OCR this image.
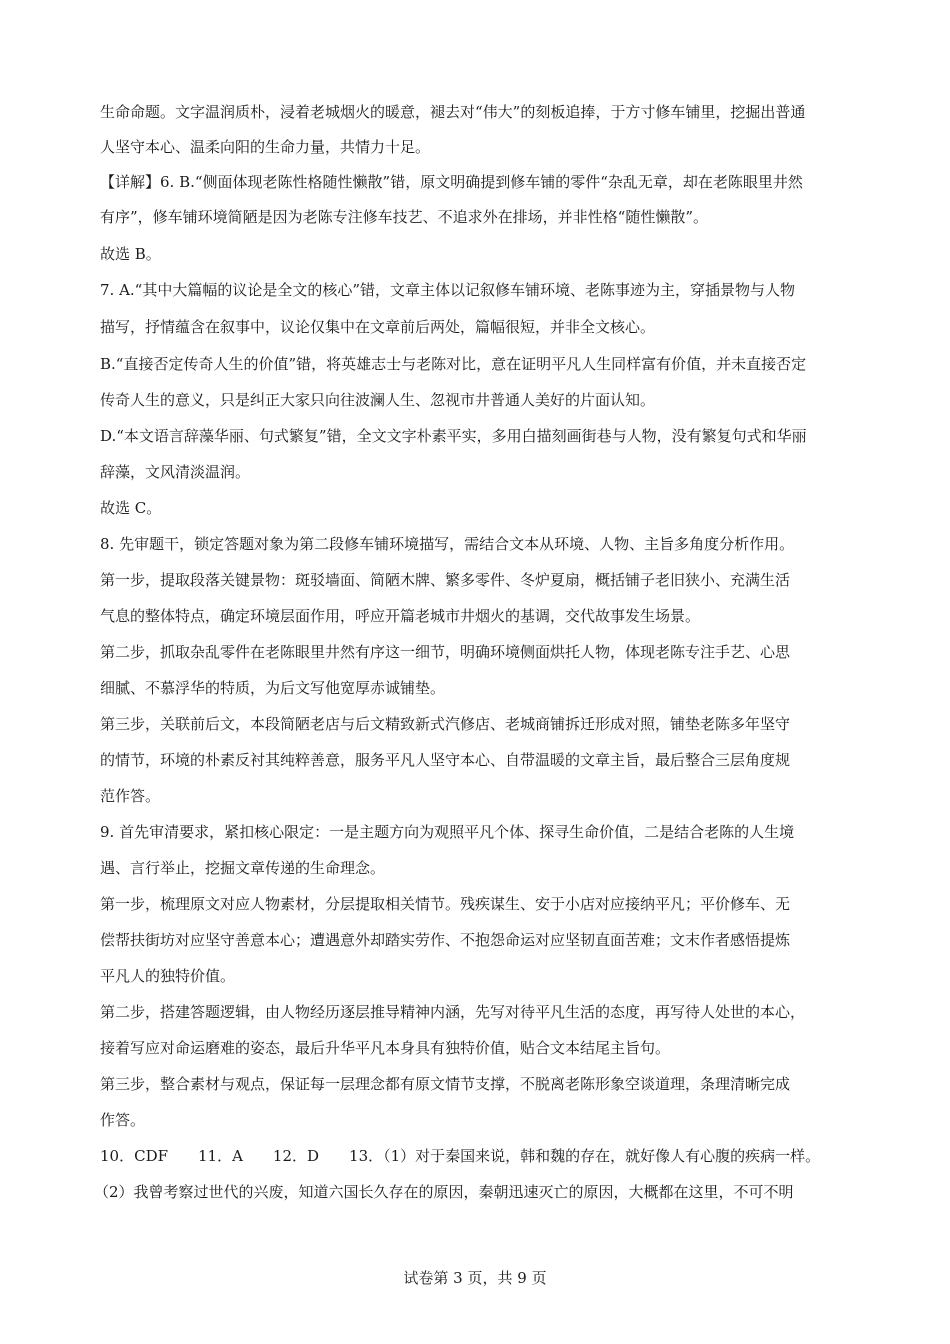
生命命题。文字温润质朴，浸着老城烟火的暖意，褪去对“伟大”的刻板追捧，于方寸修车铺里，挖掘出普通
人坚守本心、温柔向阳的生命力量，共情力十足。
【详解】6. B.“侧面体现老陈性格随性懒散”错，原文明确提到修车铺的零件“杂乱无章，却在老陈眼里井然
有序”，修车铺环境简陋是因为老陈专注修车技艺、不追求外在排场，并非性格“随性懒散”。
故选 B。
7. A.“其中大篇幅的议论是全文的核心”错，文章主体以记叙修车铺环境、老陈事迹为主，穿插景物与人物
描写，抒情蕴含在叙事中，议论仅集中在文章前后两处，篇幅很短，并非全文核心。
B.“直接否定传奇人生的价值”错，将英雄志士与老陈对比，意在证明平凡人生同样富有价值，并未直接否定
传奇人生的意义，只是纠正大家只向往波澜人生、忽视市井普通人美好的片面认知。
D.“本文语言辞藻华丽、句式繁复”错，全文文字朴素平实，多用白描刻画街巷与人物，没有繁复句式和华丽
辞藻，文风清淡温润。
故选 C。
8. 先审题干，锁定答题对象为第二段修车铺环境描写，需结合文本从环境、人物、主旨多角度分析作用。
第一步，提取段落关键景物：斑驳墙面、简陋木牌、繁多零件、冬炉夏扇，概括铺子老旧狭小、充满生活
气息的整体特点，确定环境层面作用，呼应开篇老城市井烟火的基调，交代故事发生场景。
第二步，抓取杂乱零件在老陈眼里井然有序这一细节，明确环境侧面烘托人物，体现老陈专注手艺、心思
细腻、不慕浮华的特质，为后文写他宽厚赤诚铺垫。
第三步，关联前后文，本段简陋老店与后文精致新式汽修店、老城商铺拆迁形成对照，铺垫老陈多年坚守
的情节，环境的朴素反衬其纯粹善意，服务平凡人坚守本心、自带温暖的文章主旨，最后整合三层角度规
范作答。
9. 首先审清要求，紧扣核心限定：一是主题方向为观照平凡个体、探寻生命价值，二是结合老陈的人生境
遇、言行举止，挖掘文章传递的生命理念。
第一步，梳理原文对应人物素材，分层提取相关情节。残疾谋生、安于小店对应接纳平凡；平价修车、无
偿帮扶街坊对应坚守善意本心；遭遇意外却踏实劳作、不抱怨命运对应坚韧直面苦难；文末作者感悟提炼
平凡人的独特价值。
第二步，搭建答题逻辑，由人物经历逐层推导精神内涵，先写对待平凡生活的态度，再写待人处世的本心，
接着写应对命运磨难的姿态，最后升华平凡本身具有独特价值，贴合文本结尾主旨句。
第三步，整合素材与观点，保证每一层理念都有原文情节支撑，不脱离老陈形象空谈道理，条理清晰完成
作答。
10．CDF　　11．A　　12．D　　13．（1）对于秦国来说，韩和魏的存在，就好像人有心腹的疾病一样。
（2）我曾考察过世代的兴废，知道六国长久存在的原因，秦朝迅速灭亡的原因，大概都在这里，不可不明
试卷第 3 页，共 9 页
